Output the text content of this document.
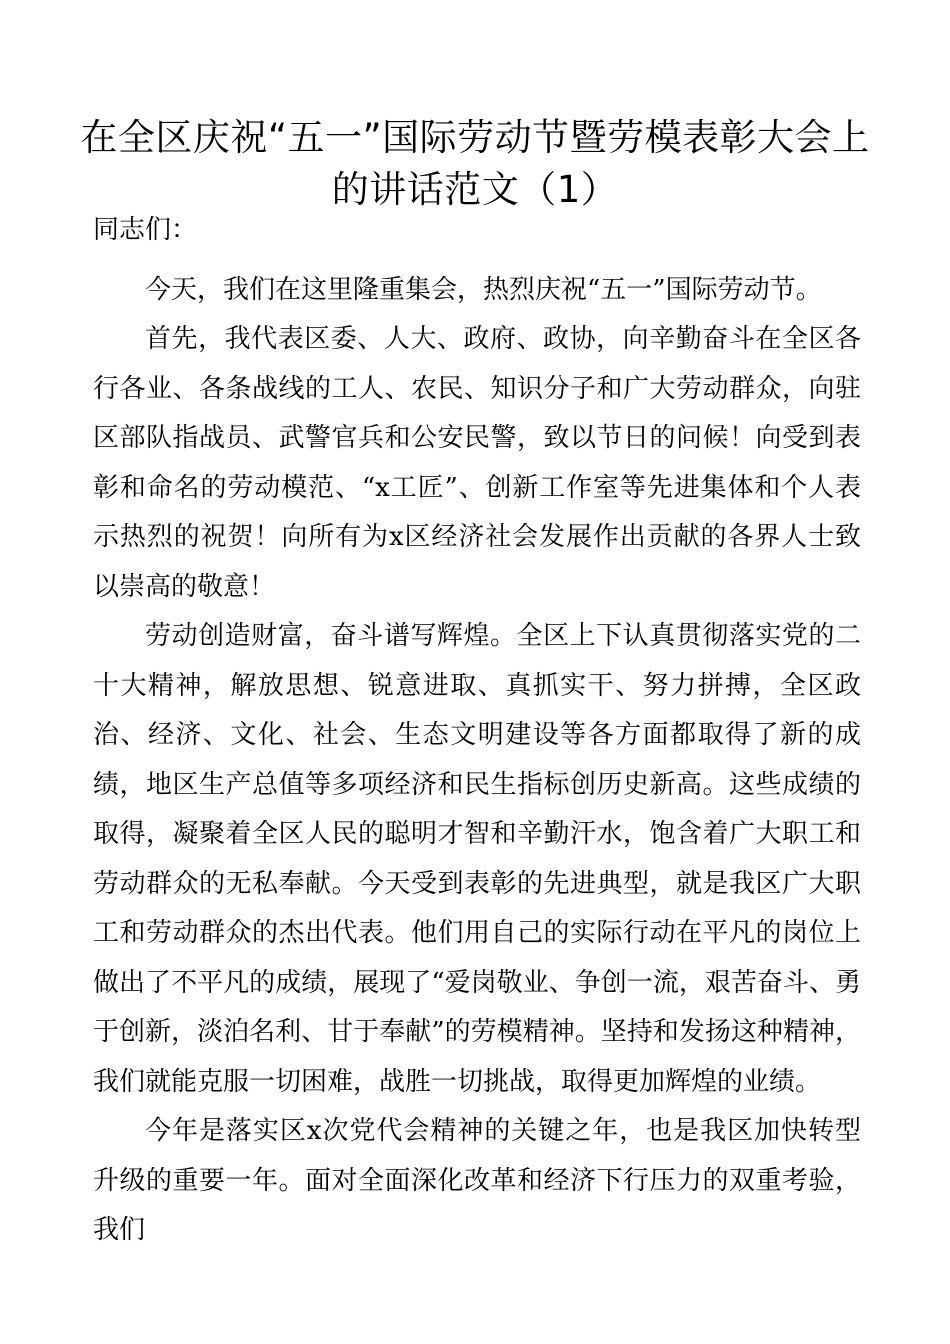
在全区庆祝“五一”国际劳动节暨劳模表彰大会上的讲话范文（1）

同志们：

今天，我们在这里隆重集会，热烈庆祝“五一”国际劳动节。

首先，我代表区委、人大、政府、政协，向辛勤奋斗在全区各行各业、各条战线的工人、农民、知识分子和广大劳动群众，向驻区部队指战员、武警官兵和公安民警，致以节日的问候！向受到表彰和命名的劳动模范、“x工匠”、创新工作室等先进集体和个人表示热烈的祝贺！向所有为x区经济社会发展作出贡献的各界人士致以崇高的敬意！

劳动创造财富，奋斗谱写辉煌。全区上下认真贯彻落实党的二十大精神，解放思想、锐意进取、真抓实干、努力拼搏，全区政治、经济、文化、社会、生态文明建设等各方面都取得了新的成绩，地区生产总值等多项经济和民生指标创历史新高。这些成绩的取得，凝聚着全区人民的聪明才智和辛勤汗水，饱含着广大职工和劳动群众的无私奉献。今天受到表彰的先进典型，就是我区广大职工和劳动群众的杰出代表。他们用自己的实际行动在平凡的岗位上做出了不平凡的成绩，展现了“爱岗敬业、争创一流，艰苦奋斗、勇于创新，淡泊名利、甘于奉献”的劳模精神。坚持和发扬这种精神，我们就能克服一切困难，战胜一切挑战，取得更加辉煌的业绩。

今年是落实区x次党代会精神的关键之年，也是我区加快转型升级的重要一年。面对全面深化改革和经济下行压力的双重考验，我们
